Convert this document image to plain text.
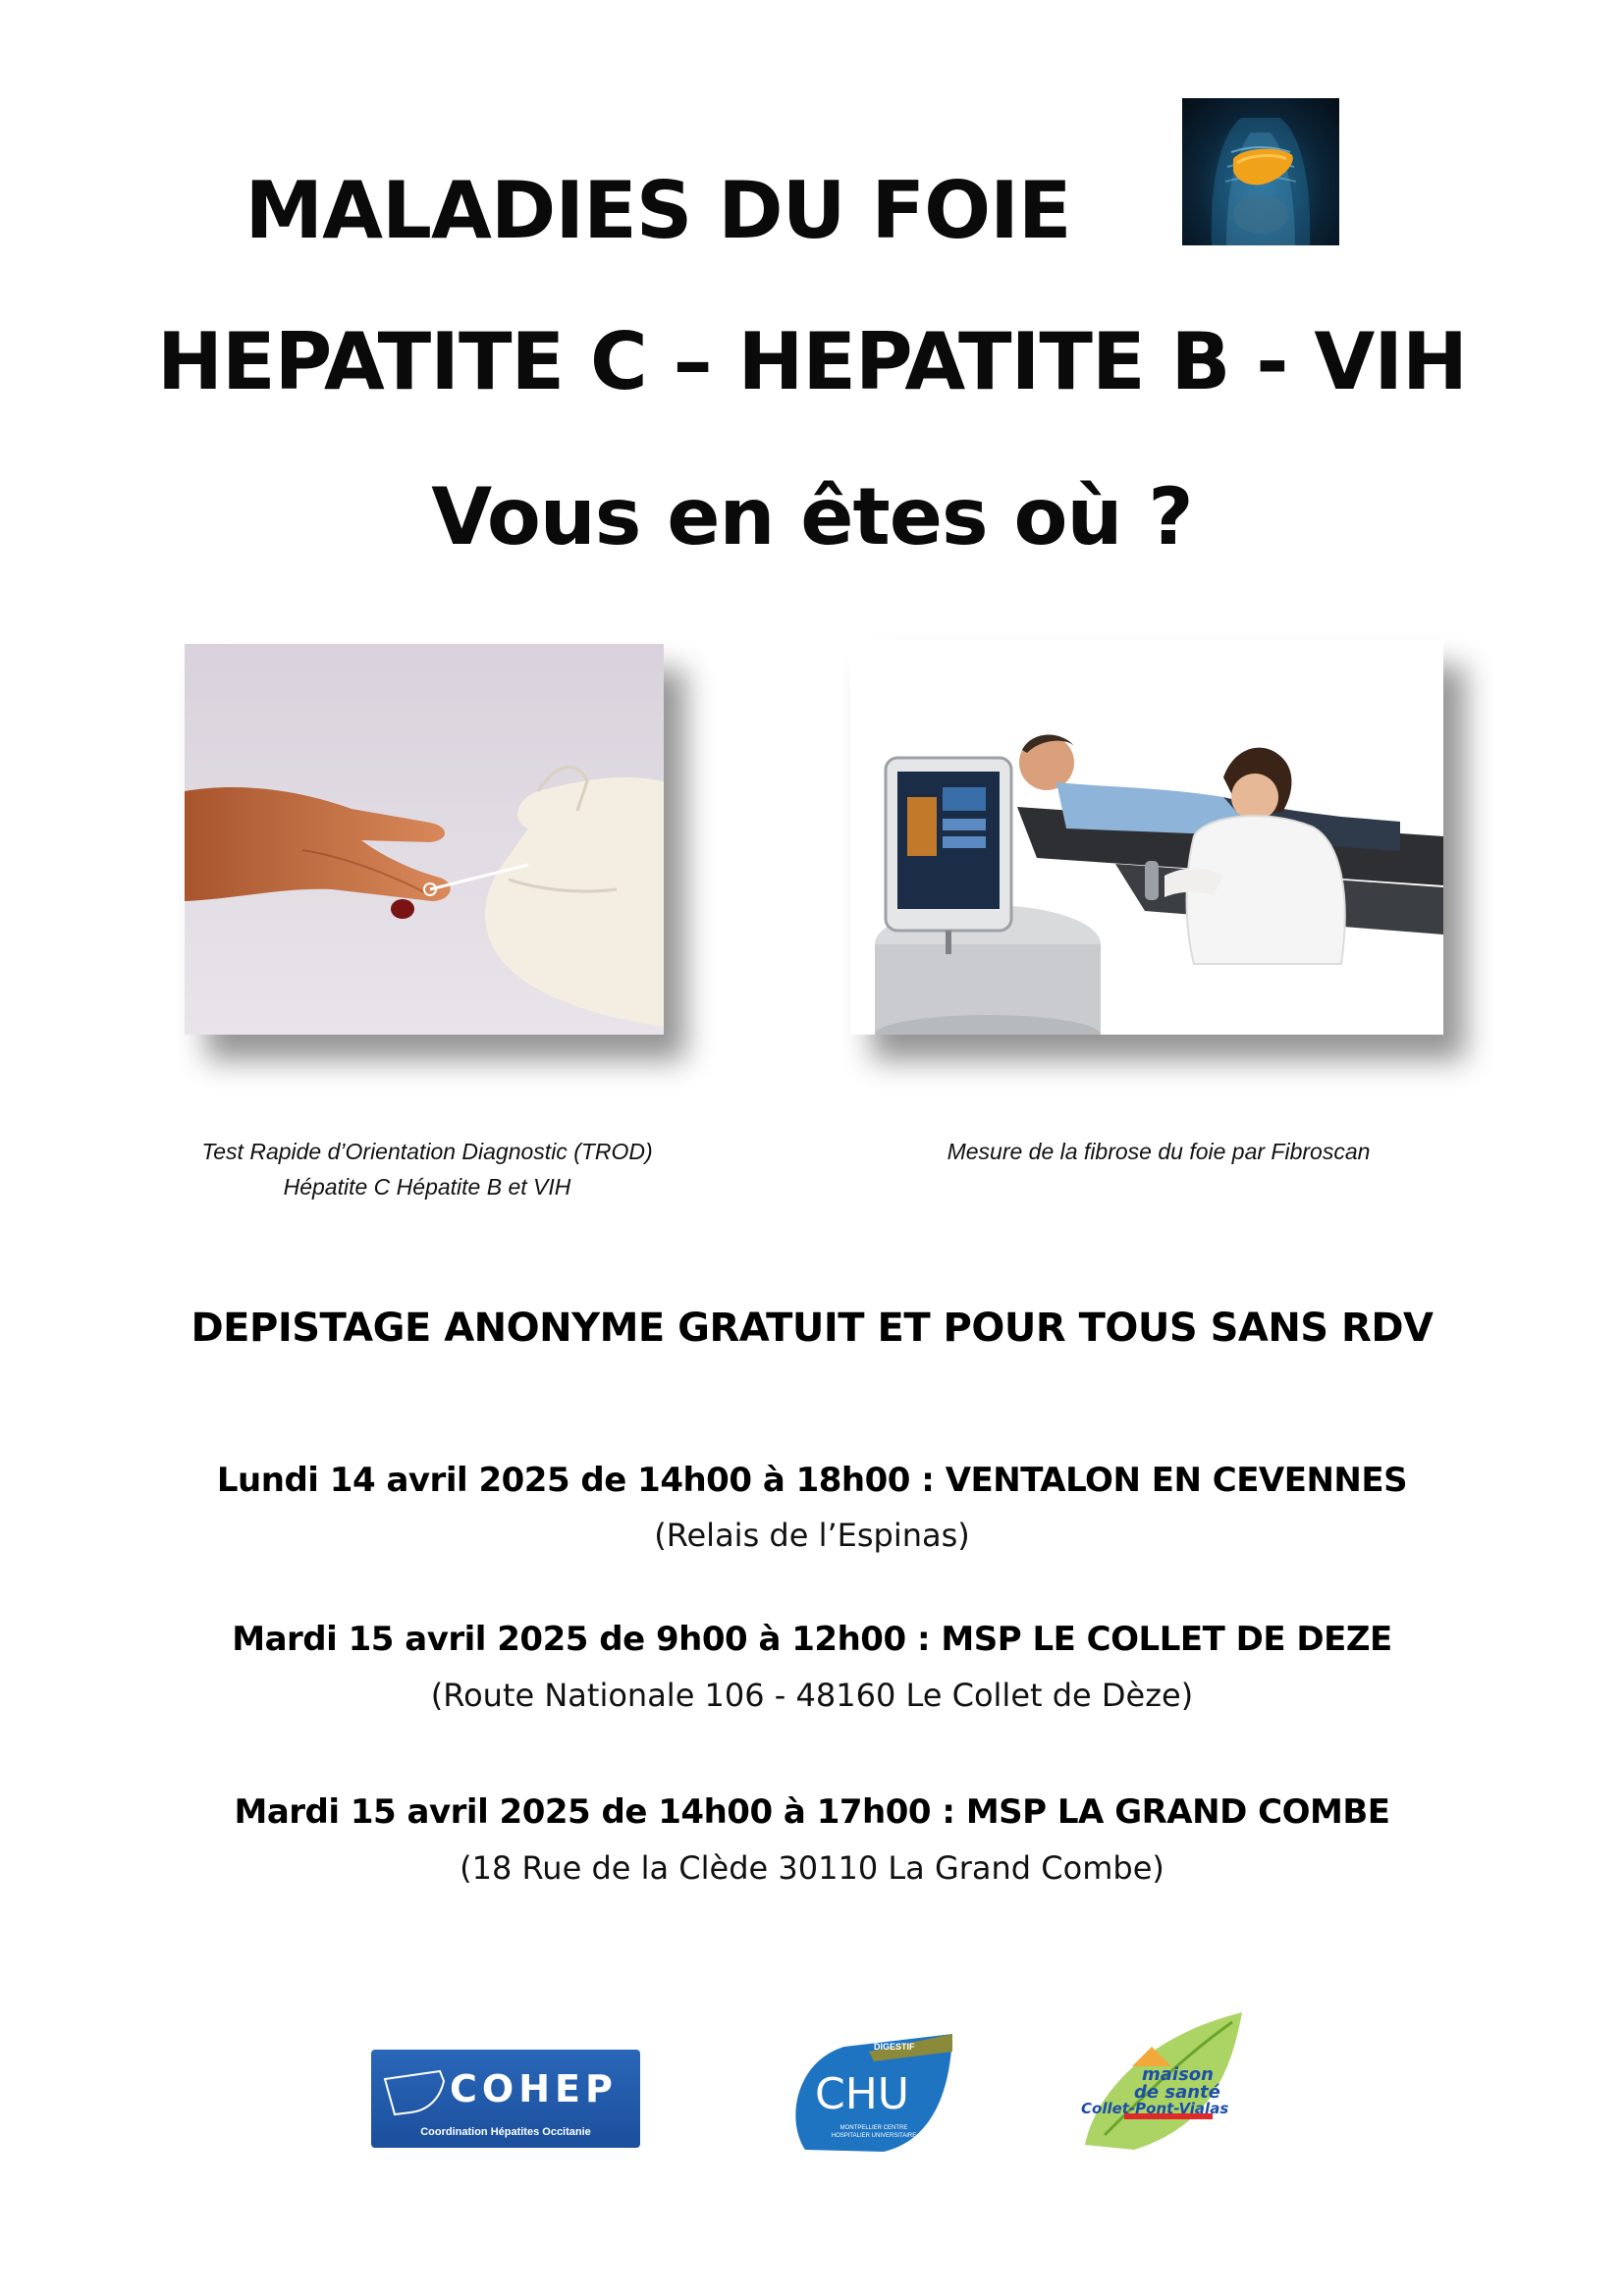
MALADIES DU FOIE
HEPATITE C – HEPATITE B - VIH
Vous en êtes où ?
Test Rapide d’Orientation Diagnostic (TROD)
Hépatite C Hépatite B et VIH
Mesure de la fibrose du foie par Fibroscan
DEPISTAGE ANONYME GRATUIT ET POUR TOUS SANS RDV
Lundi 14 avril 2025 de 14h00 à 18h00 : VENTALON EN CEVENNES
(Relais de l’Espinas)
Mardi 15 avril 2025 de 9h00 à 12h00 : MSP LE COLLET DE DEZE
(Route Nationale 106 - 48160 Le Collet de Dèze)
Mardi 15 avril 2025 de 14h00 à 17h00 : MSP LA GRAND COMBE
(18 Rue de la Clède 30110 La Grand Combe)
COHEP
Coordination Hépatites Occitanie
DIGESTIF
CHU
MONTPELLIER CENTRE HOSPITALIER UNIVERSITAIRE
maison
de santé
Collet-Pont-Vialas
